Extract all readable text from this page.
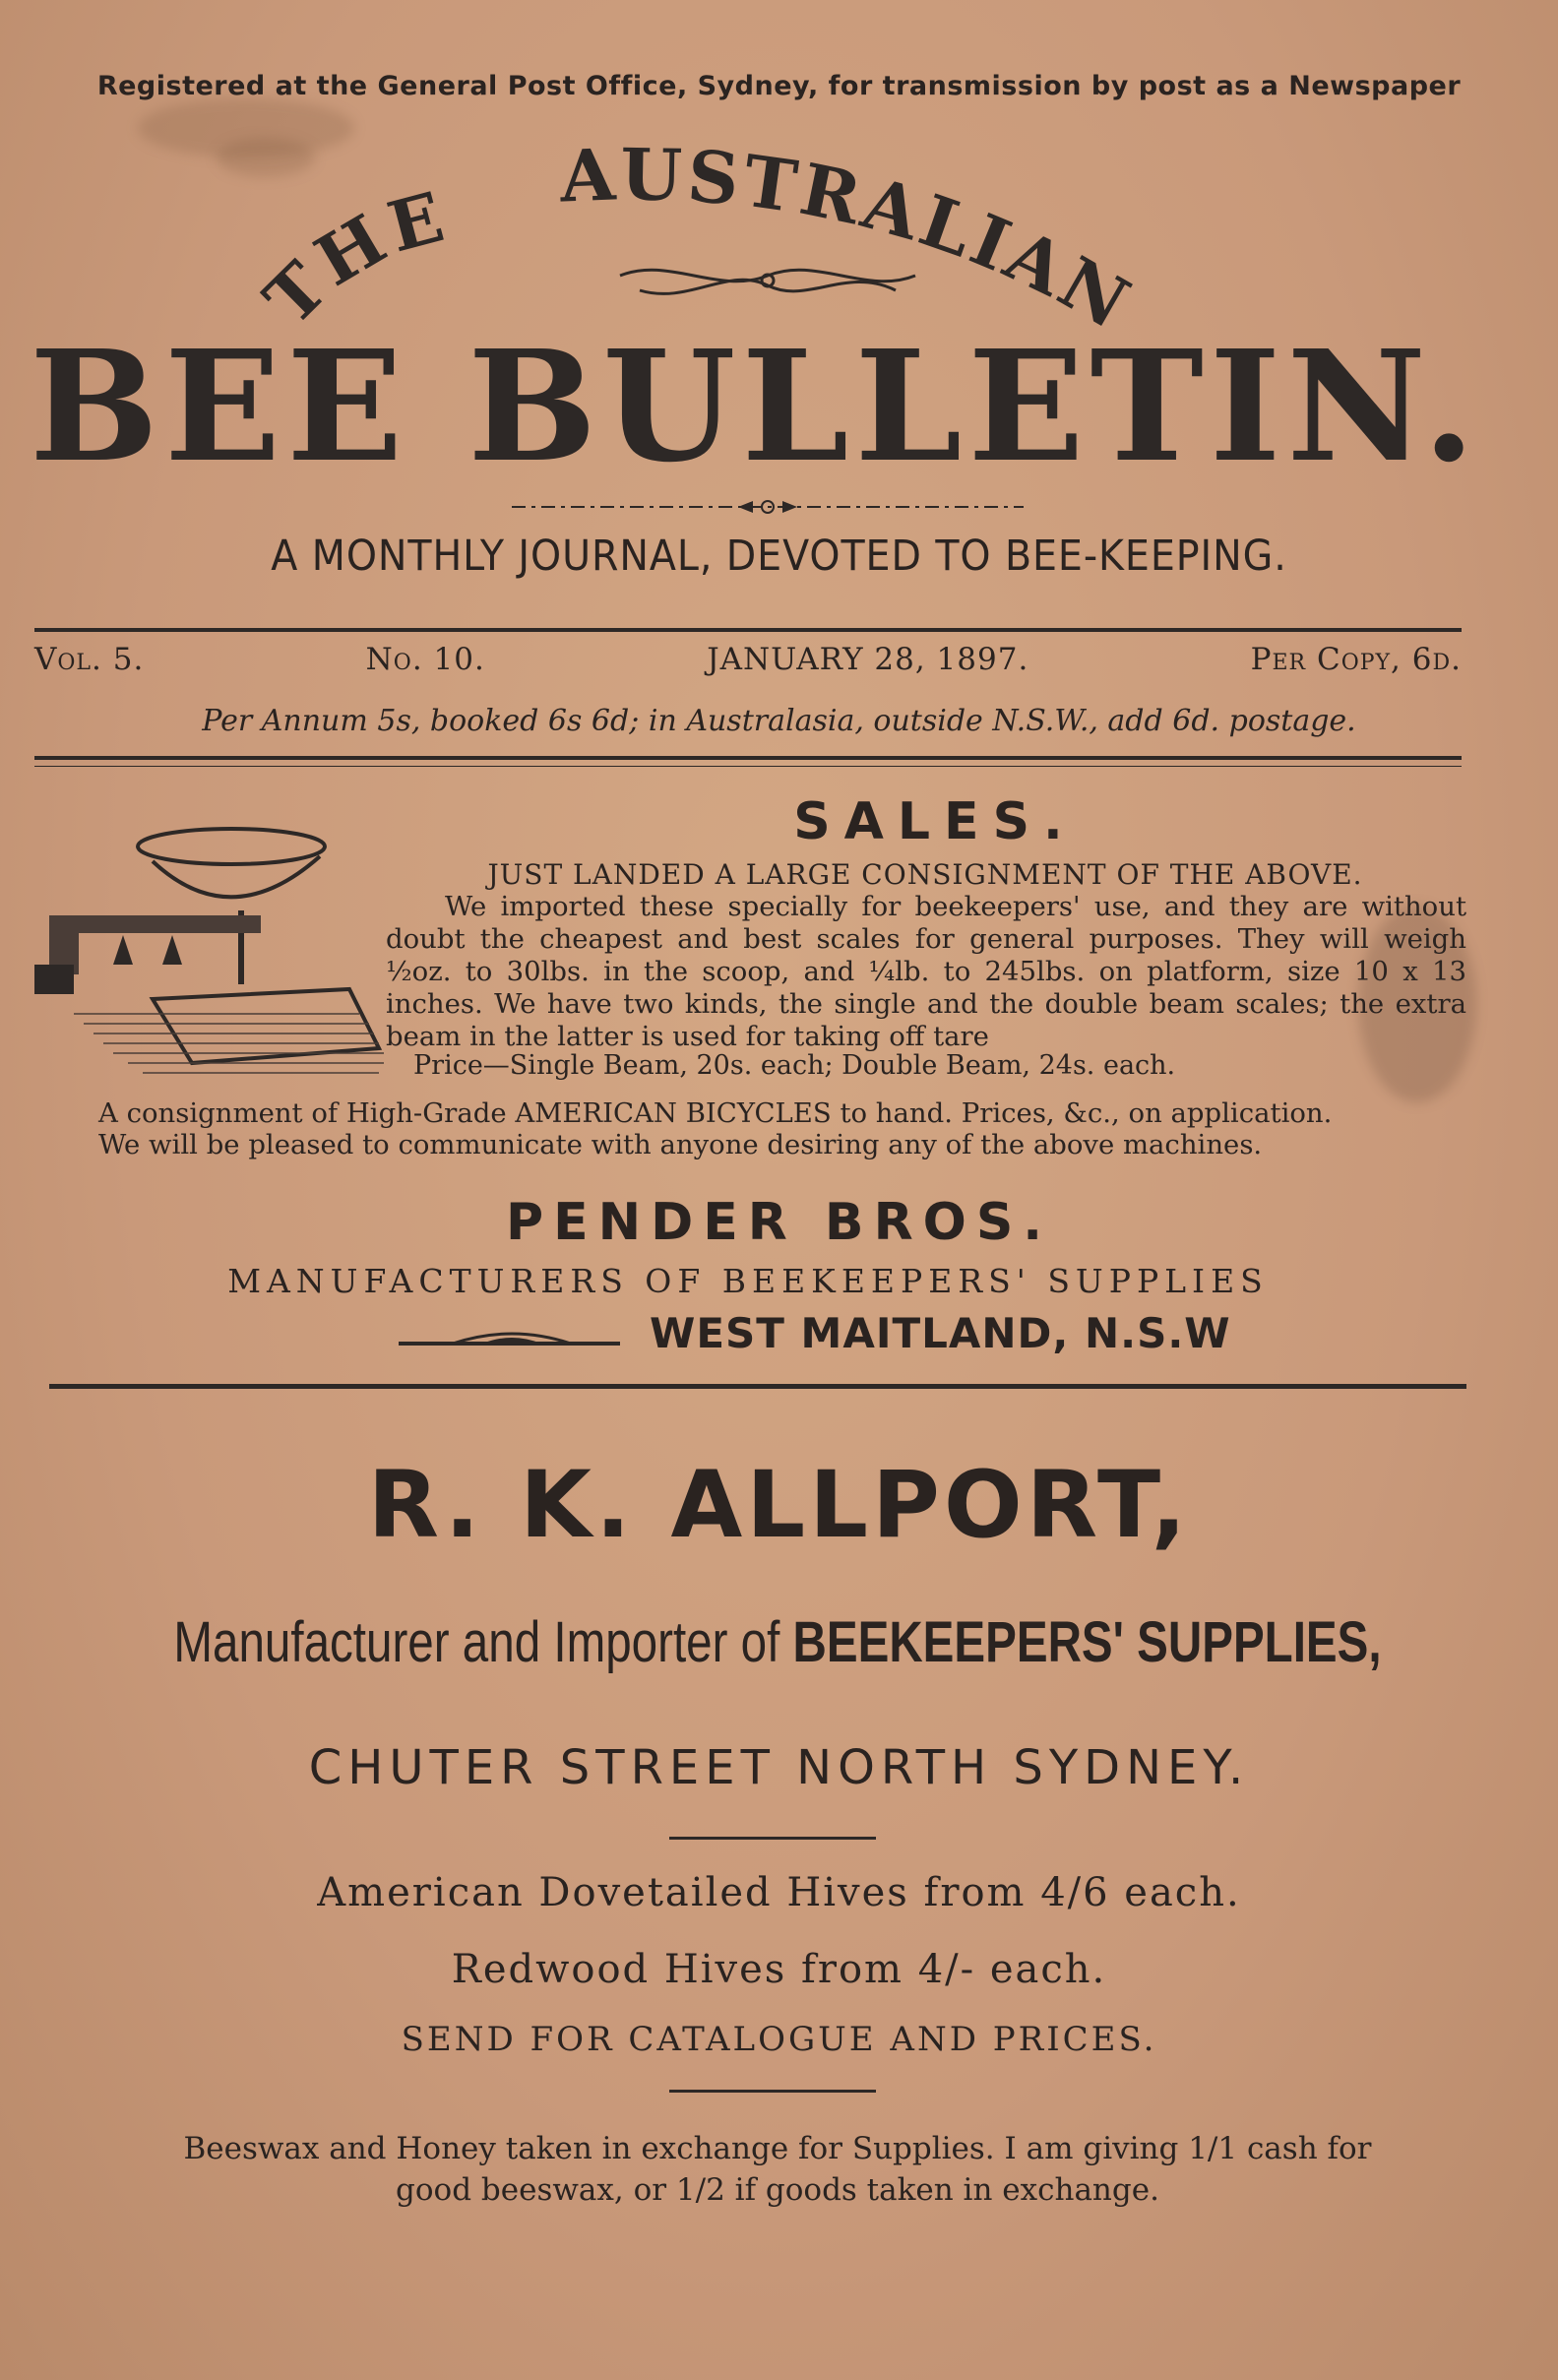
Registered at the General Post Office, Sydney, for transmission by post as a Newspaper
THE AUSTRALIAN
BEE BULLETIN.
A MONTHLY JOURNAL, DEVOTED TO BEE-KEEPING.
Vol. 5.	No. 10.	JANUARY 28, 1897.	Per Copy, 6d.
Per Annum 5s, booked 6s 6d; in Australasia, outside N.S.W., add 6d. postage.
SALES.
JUST LANDED A LARGE CONSIGNMENT OF THE ABOVE.

We imported these specially for beekeepers' use, and they are without doubt the cheapest and best scales for general purposes. They will weigh ½oz. to 30lbs. in the scoop, and ¼lb. to 245lbs. on platform, size 10 x 13 inches. We have two kinds, the single and the double beam scales; the extra beam in the latter is used for taking off tare

Price—Single Beam, 20s. each; Double Beam, 24s. each.
A consignment of High-Grade AMERICAN BICYCLES to hand. Prices, &c., on application.
We will be pleased to communicate with anyone desiring any of the above machines.
PENDER BROS.
MANUFACTURERS OF BEEKEEPERS' SUPPLIES
WEST MAITLAND, N.S.W
R. K. ALLPORT,
Manufacturer and Importer of BEEKEEPERS' SUPPLIES,
CHUTER STREET NORTH SYDNEY.
American Dovetailed Hives from 4/6 each.
Redwood Hives from 4/- each.
SEND FOR CATALOGUE AND PRICES.
Beeswax and Honey taken in exchange for Supplies. I am giving 1/1 cash for
good beeswax, or 1/2 if goods taken in exchange.
